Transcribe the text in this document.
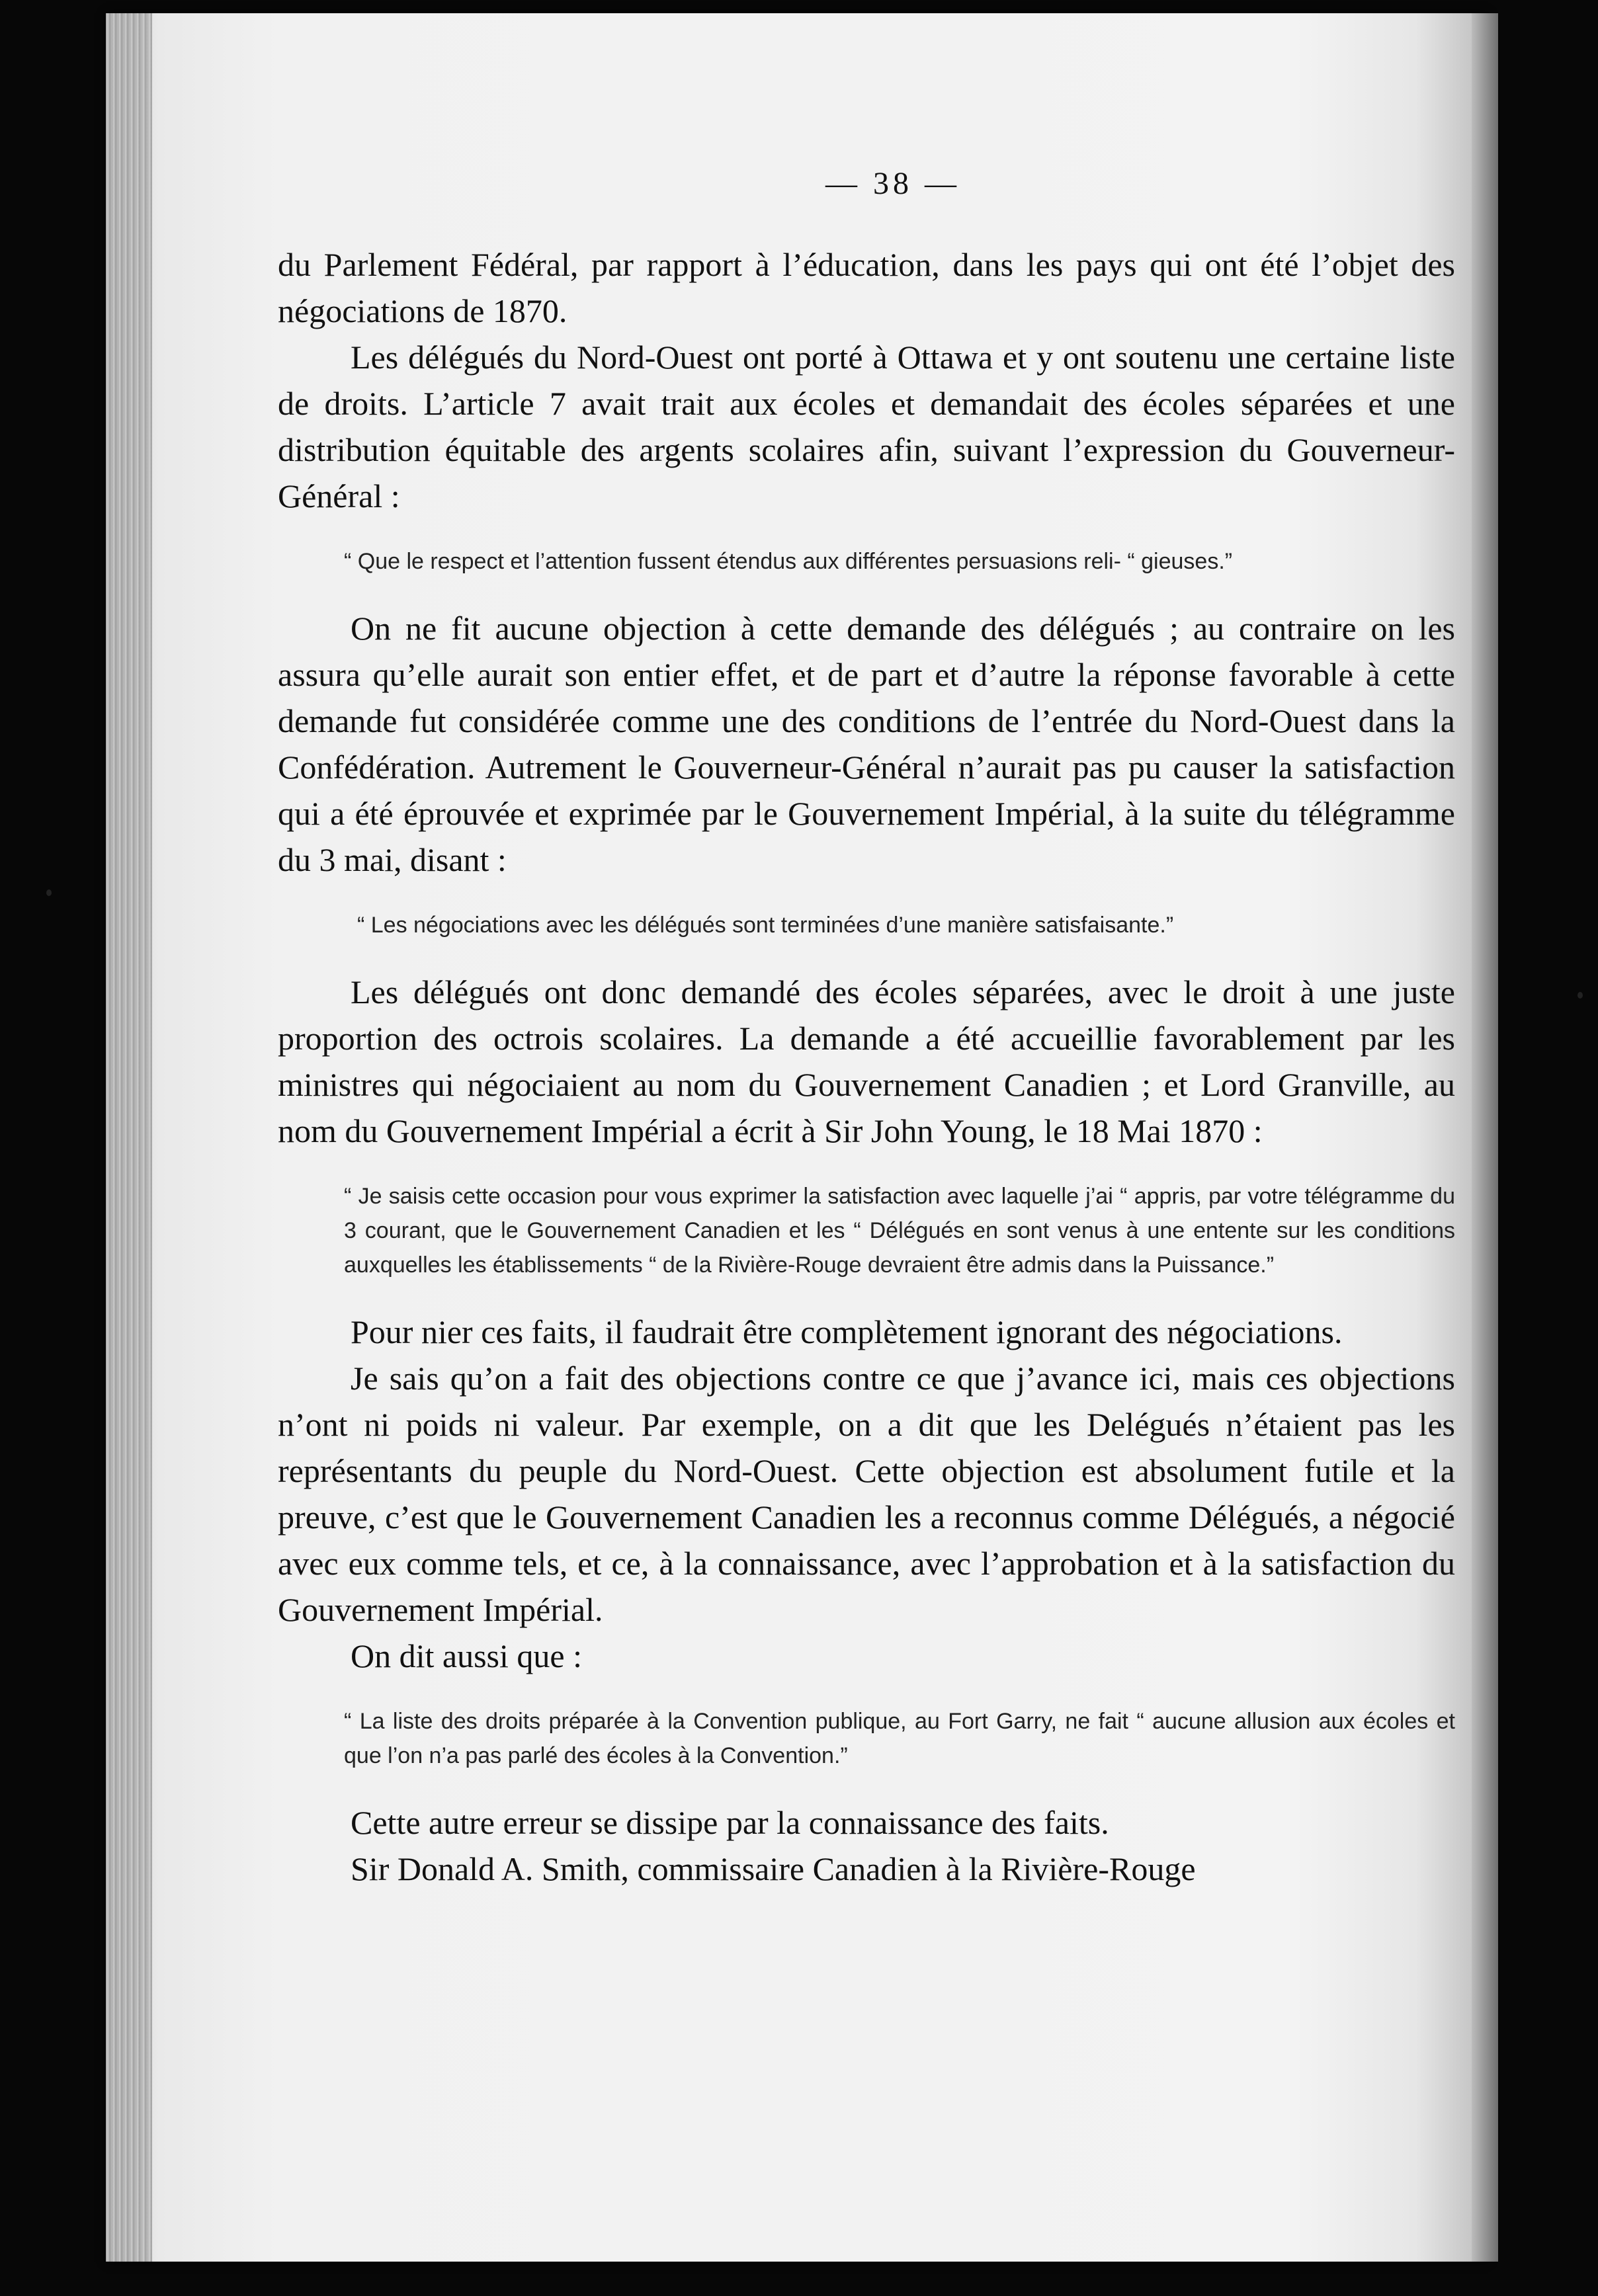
— 38 —

du Parlement Fédéral, par rapport à l’éducation, dans les pays qui ont été l’objet des négociations de 1870.

Les délégués du Nord-Ouest ont porté à Ottawa et y ont soutenu une certaine liste de droits. L’article 7 avait trait aux écoles et demandait des écoles séparées et une distribution équitable des argents scolaires afin, suivant l’expression du Gouverneur-Général :

“ Que le respect et l’attention fussent étendus aux différentes persuasions reli- “ gieuses.”

On ne fit aucune objection à cette demande des délégués ; au contraire on les assura qu’elle aurait son entier effet, et de part et d’autre la réponse favorable à cette demande fut considérée comme une des conditions de l’entrée du Nord-Ouest dans la Confédération. Autrement le Gouverneur-Général n’aurait pas pu causer la satisfaction qui a été éprouvée et exprimée par le Gouvernement Impérial, à la suite du télégramme du 3 mai, disant :

“ Les négociations avec les délégués sont terminées d’une manière satisfaisante.”

Les délégués ont donc demandé des écoles séparées, avec le droit à une juste proportion des octrois scolaires. La demande a été accueillie favorablement par les ministres qui négociaient au nom du Gouvernement Canadien ; et Lord Granville, au nom du Gouvernement Impérial a écrit à Sir John Young, le 18 Mai 1870 :

“ Je saisis cette occasion pour vous exprimer la satisfaction avec laquelle j’ai “ appris, par votre télégramme du 3 courant, que le Gouvernement Canadien et les “ Délégués en sont venus à une entente sur les conditions auxquelles les établissements “ de la Rivière-Rouge devraient être admis dans la Puissance.”

Pour nier ces faits, il faudrait être complètement ignorant des négociations.

Je sais qu’on a fait des objections contre ce que j’avance ici, mais ces objections n’ont ni poids ni valeur. Par exemple, on a dit que les Delégués n’étaient pas les représentants du peuple du Nord-Ouest. Cette objection est absolument futile et la preuve, c’est que le Gouvernement Canadien les a reconnus comme Délégués, a négocié avec eux comme tels, et ce, à la connaissance, avec l’approbation et à la satisfaction du Gouvernement Impérial.

On dit aussi que :

“ La liste des droits préparée à la Convention publique, au Fort Garry, ne fait “ aucune allusion aux écoles et que l’on n’a pas parlé des écoles à la Convention.”

Cette autre erreur se dissipe par la connaissance des faits.

Sir Donald A. Smith, commissaire Canadien à la Rivière-Rouge
